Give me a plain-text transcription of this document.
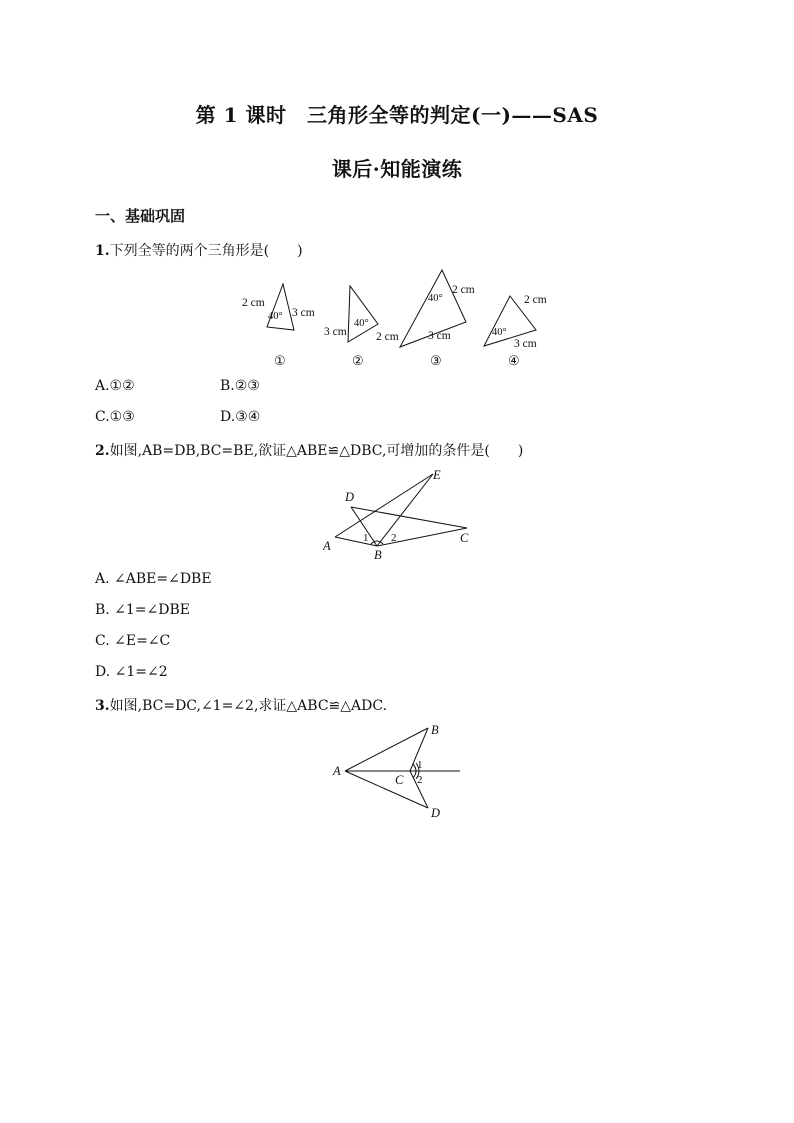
第 1 课时　三角形全等的判定(一)——SAS
课后·知能演练
一、基础巩固
1.下列全等的两个三角形是(　　)
2 cm
3 cm
40°
40°
3 cm	2 cm
40°
2 cm
3 cm
2 cm
40°
3 cm
①	②	③	④
A.①②	B.②③
C.①③	D.③④
2.如图,AB=DB,BC=BE,欲证△ABE≌△DBC,可增加的条件是(　　)
A
B
C
D
E
1 2
A. ∠ABE=∠DBE
B. ∠1=∠DBE
C. ∠E=∠C
D. ∠1=∠2
3.如图,BC=DC,∠1=∠2,求证△ABC≌△ADC.
A
B
C
D
1
2
